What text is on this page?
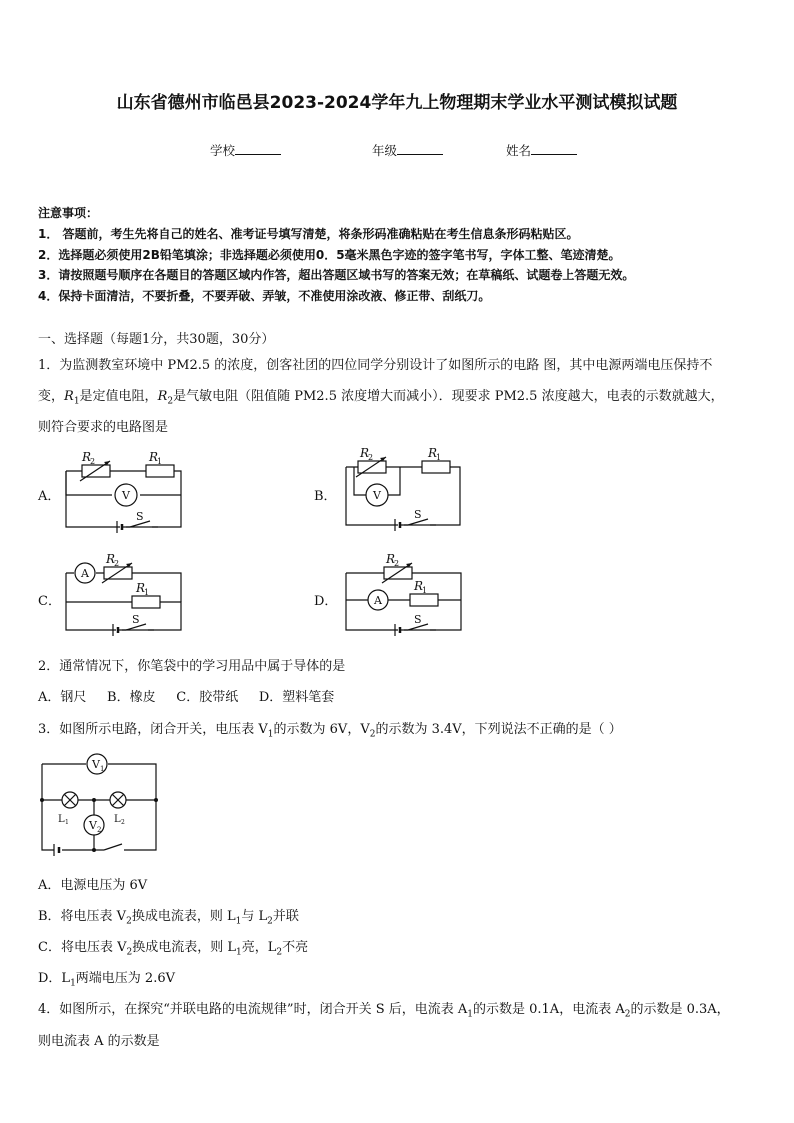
山东省德州市临邑县2023-2024学年九上物理期末学业水平测试模拟试题
学校	年级	姓名
注意事项：
1． 答题前，考生先将自己的姓名、准考证号填写清楚，将条形码准确粘贴在考生信息条形码粘贴区。
2．选择题必须使用2B铅笔填涂；非选择题必须使用0．5毫米黑色字迹的签字笔书写，字体工整、笔迹清楚。
3．请按照题号顺序在各题目的答题区域内作答，超出答题区域书写的答案无效；在草稿纸、试题卷上答题无效。
4．保持卡面清洁，不要折叠，不要弄破、弄皱，不准使用涂改液、修正带、刮纸刀。
一、选择题（每题1分，共30题，30分）
1．为监测教室环境中 PM2.5 的浓度，创客社团的四位同学分别设计了如图所示的电路 图，其中电源两端电压保持不
变，$R_1$是定值电阻，$R_2$是气敏电阻（阻值随 PM2.5 浓度增大而减小）．现要求 PM2.5 浓度越大，电表的示数就越大，
则符合要求的电路图是
A．	B．
C．	D．
R
2	R
1
V
S
R
2	R
1
V
S
A
R
2
R
1
S
R
2
A
R
1
S
2．通常情况下，你笔袋中的学习用品中属于导体的是
A．钢尺     B．橡皮     C．胶带纸     D．塑料笔套
3．如图所示电路，闭合开关，电压表 $V_1$的示数为 6V，$V_2$的示数为 3.4V，下列说法不正确的是（ ）
V 1
V 2
L 1	L 2
A．电源电压为 6V
B．将电压表 $V_2$换成电流表，则 $L_1$与 $L_2$并联
C．将电压表 $V_2$换成电流表，则 $L_1$亮，$L_2$不亮
D．$L_1$两端电压为 2.6V
4．如图所示，在探究“并联电路的电流规律”时，闭合开关 S 后，电流表 $A_1$的示数是 0.1A，电流表 $A_2$的示数是 0.3A，
则电流表 A 的示数是
